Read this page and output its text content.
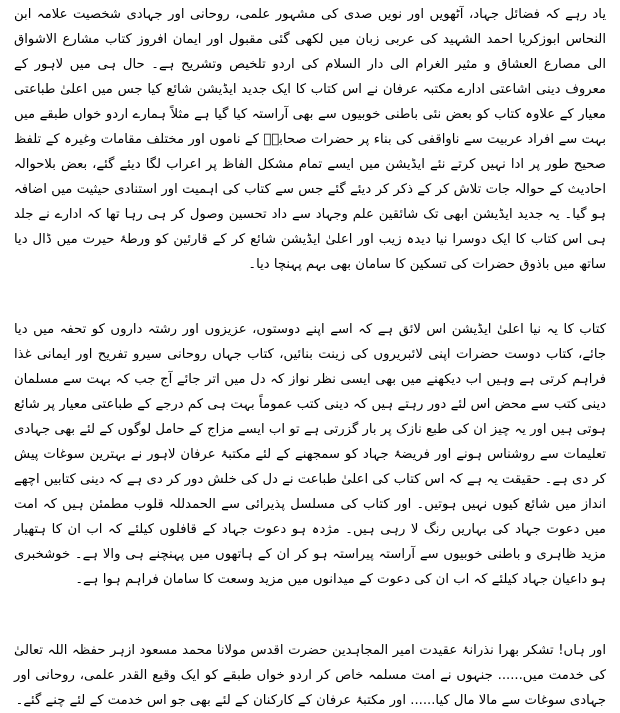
یاد رہے کہ فضائل جہاد، آٹھویں اور نویں صدی کی مشہور علمی، روحانی اور جہادی شخصیت علامہ ابن النحاس ابوزکریا احمد الشہید کی عربی زبان میں لکھی گئی مقبول اور ایمان افروز کتاب مشارع الاشواق الی مصارع العشاق و مثیر الغرام الی دار السلام کی اردو تلخیص وتشریح ہے۔ حال ہی میں لاہور کے معروف دینی اشاعتی ادارے مکتبہ عرفان نے اس کتاب کا ایک جدید ایڈیشن شائع کیا جس میں اعلیٰ طباعتی معیار کے علاوہ کتاب کو بعض نئی باطنی خوبیوں سے بھی آراستہ کیا گیا ہے مثلاً ہمارے اردو خواں طبقے میں بہت سے افراد عربیت سے ناواقفی کی بناء پر حضرات صحابہؓ کے ناموں اور مختلف مقامات وغیرہ کے تلفظ صحیح طور پر ادا نہیں کرتے نئے ایڈیشن میں ایسے تمام مشکل الفاظ پر اعراب لگا دیئے گئے، بعض بلاحوالہ احادیث کے حوالہ جات تلاش کر کے ذکر کر دیئے گئے جس سے کتاب کی اہمیت اور استنادی حیثیت میں اضافہ ہو گیا۔ یہ جدید ایڈیشن ابھی تک شائقین علم وجہاد سے داد تحسین وصول کر ہی رہا تھا کہ ادارے نے جلد ہی اس کتاب کا ایک دوسرا نیا دیدہ زیب اور اعلیٰ ایڈیشن شائع کر کے قارئین کو ورطۂ حیرت میں ڈال دیا ساتھ میں باذوق حضرات کی تسکین کا سامان بھی بہم پہنچا دیا۔

کتاب کا یہ نیا اعلیٰ ایڈیشن اس لائق ہے کہ اسے اپنے دوستوں، عزیزوں اور رشتہ داروں کو تحفہ میں دیا جائے، کتاب دوست حضرات اپنی لائبریروں کی زینت بنائیں، کتاب جہاں روحانی سیرو تفریح اور ایمانی غذا فراہم کرتی ہے وہیں اب دیکھنے میں بھی ایسی نظر نواز کہ دل میں اتر جائے آج جب کہ بہت سے مسلمان دینی کتب سے محض اس لئے دور رہتے ہیں کہ دینی کتب عموماً بہت ہی کم درجے کے طباعتی معیار پر شائع ہوتی ہیں اور یہ چیز ان کی طبع نازک پر بار گزرتی ہے تو اب ایسے مزاج کے حامل لوگوں کے لئے بھی جہادی تعلیمات سے روشناس ہونے اور فریضۂ جہاد کو سمجھنے کے لئے مکتبۂ عرفان لاہور نے بہترین سوغات پیش کر دی ہے۔ حقیقت یہ ہے کہ اس کتاب کی اعلیٰ طباعت نے دل کی خلش دور کر دی ہے کہ دینی کتابیں اچھے انداز میں شائع کیوں نہیں ہوتیں۔ اور کتاب کی مسلسل پذیرائی سے الحمدللہ قلوب مطمئن ہیں کہ امت میں دعوت جہاد کی بہاریں رنگ لا رہی ہیں۔ مژدہ ہو دعوت جہاد کے قافلوں کیلئے کہ اب ان کا ہتھیار مزید ظاہری و باطنی خوبیوں سے آراستہ پیراستہ ہو کر ان کے ہاتھوں میں پہنچنے ہی والا ہے۔ خوشخبری ہو داعیان جہاد کیلئے کہ اب ان کی دعوت کے میدانوں میں مزید وسعت کا سامان فراہم ہوا ہے۔

اور ہاں! تشکر بھرا نذرانۂ عقیدت امیر المجاہدین حضرت اقدس مولانا محمد مسعود ازہر حفظہ اللہ تعالیٰ کی خدمت میں...... جنہوں نے امت مسلمہ خاص کر اردو خواں طبقے کو ایک وقیع القدر علمی، روحانی اور جہادی سوغات سے مالا مال کیا...... اور مکتبۂ عرفان کے کارکنان کے لئے بھی جو اس خدمت کے لئے چنے گئے۔
